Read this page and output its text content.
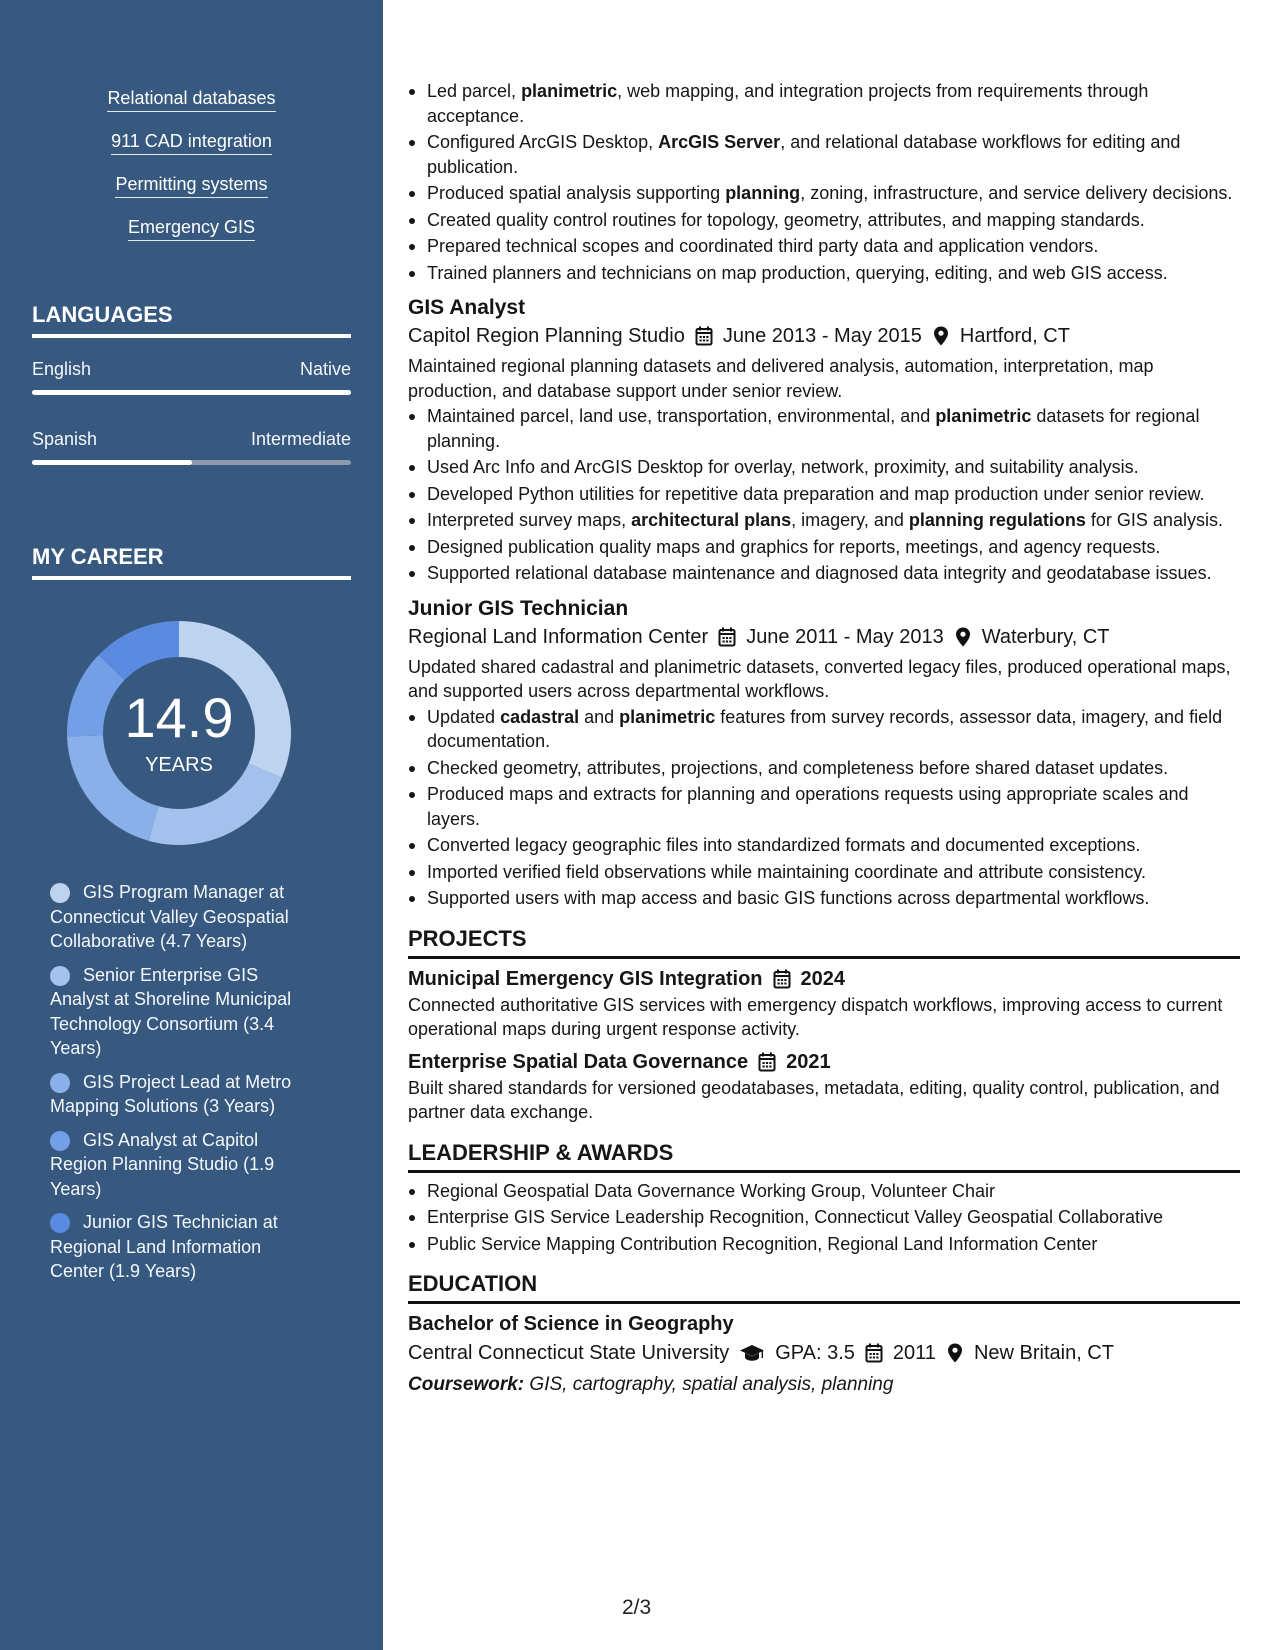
Relational databases
911 CAD integration
Permitting systems
Emergency GIS
LANGUAGES
English	Native
Spanish	Intermediate
MY CAREER
14.9
YEARS
GIS Program Manager at Connecticut Valley Geospatial Collaborative (4.7 Years)
Senior Enterprise GIS Analyst at Shoreline Municipal Technology Consortium (3.4 Years)
GIS Project Lead at Metro Mapping Solutions (3 Years)
GIS Analyst at Capitol Region Planning Studio (1.9 Years)
Junior GIS Technician at Regional Land Information Center (1.9 Years)
Led parcel, planimetric, web mapping, and integration projects from requirements through acceptance.
Configured ArcGIS Desktop, ArcGIS Server, and relational database workflows for editing and publication.
Produced spatial analysis supporting planning, zoning, infrastructure, and service delivery decisions.
Created quality control routines for topology, geometry, attributes, and mapping standards.
Prepared technical scopes and coordinated third party data and application vendors.
Trained planners and technicians on map production, querying, editing, and web GIS access.
GIS Analyst
Capitol Region Planning Studio June 2013 - May 2015 Hartford, CT
Maintained regional planning datasets and delivered analysis, automation, interpretation, map production, and database support under senior review.
Maintained parcel, land use, transportation, environmental, and planimetric datasets for regional planning.
Used Arc Info and ArcGIS Desktop for overlay, network, proximity, and suitability analysis.
Developed Python utilities for repetitive data preparation and map production under senior review.
Interpreted survey maps, architectural plans, imagery, and planning regulations for GIS analysis.
Designed publication quality maps and graphics for reports, meetings, and agency requests.
Supported relational database maintenance and diagnosed data integrity and geodatabase issues.
Junior GIS Technician
Regional Land Information Center June 2011 - May 2013 Waterbury, CT
Updated shared cadastral and planimetric datasets, converted legacy files, produced operational maps, and supported users across departmental workflows.
Updated cadastral and planimetric features from survey records, assessor data, imagery, and field documentation.
Checked geometry, attributes, projections, and completeness before shared dataset updates.
Produced maps and extracts for planning and operations requests using appropriate scales and layers.
Converted legacy geographic files into standardized formats and documented exceptions.
Imported verified field observations while maintaining coordinate and attribute consistency.
Supported users with map access and basic GIS functions across departmental workflows.
PROJECTS
Municipal Emergency GIS Integration 2024
Connected authoritative GIS services with emergency dispatch workflows, improving access to current operational maps during urgent response activity.
Enterprise Spatial Data Governance 2021
Built shared standards for versioned geodatabases, metadata, editing, quality control, publication, and partner data exchange.
LEADERSHIP & AWARDS
Regional Geospatial Data Governance Working Group, Volunteer Chair
Enterprise GIS Service Leadership Recognition, Connecticut Valley Geospatial Collaborative
Public Service Mapping Contribution Recognition, Regional Land Information Center
EDUCATION
Bachelor of Science in Geography
Central Connecticut State University GPA: 3.5 2011 New Britain, CT
Coursework: GIS, cartography, spatial analysis, planning
2/3
